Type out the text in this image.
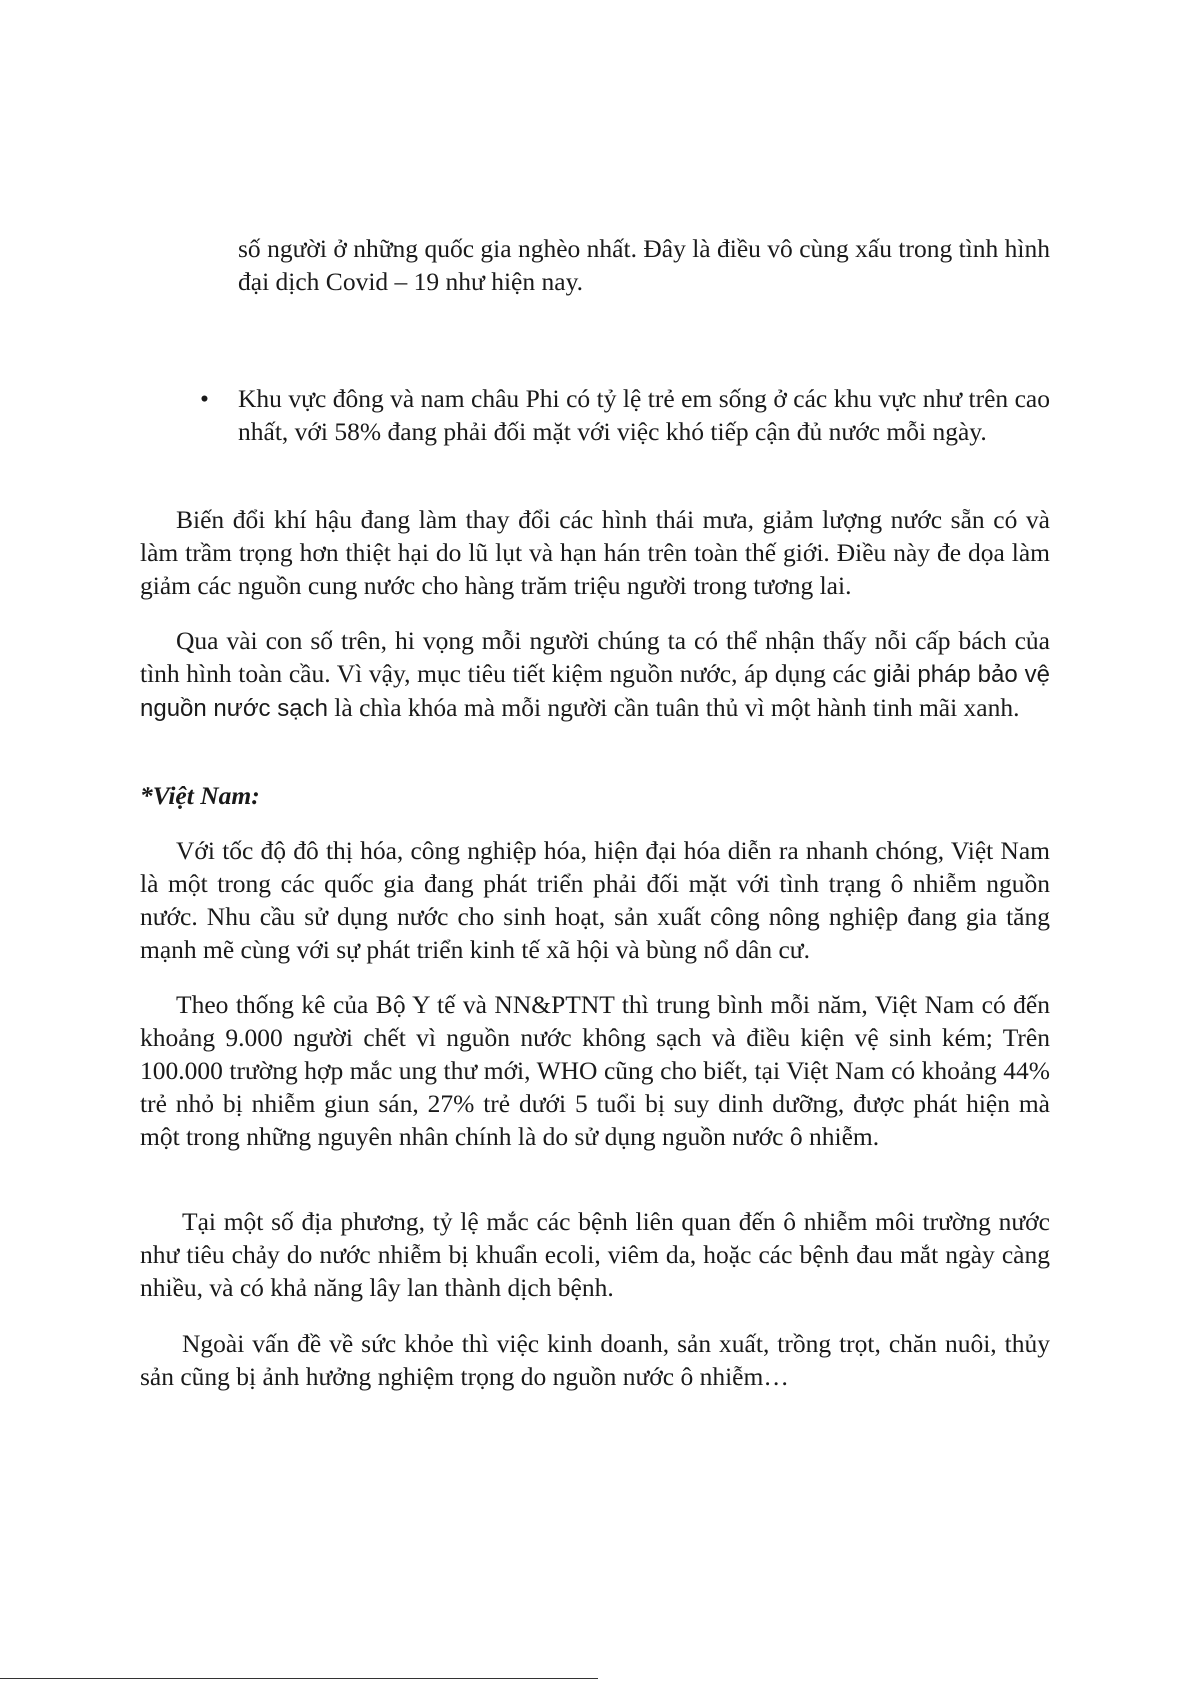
số người ở những quốc gia nghèo nhất. Đây là điều vô cùng xấu trong tình hình đại dịch Covid – 19 như hiện nay.

• Khu vực đông và nam châu Phi có tỷ lệ trẻ em sống ở các khu vực như trên cao nhất, với 58% đang phải đối mặt với việc khó tiếp cận đủ nước mỗi ngày.

Biến đổi khí hậu đang làm thay đổi các hình thái mưa, giảm lượng nước sẵn có và làm trầm trọng hơn thiệt hại do lũ lụt và hạn hán trên toàn thế giới. Điều này đe dọa làm giảm các nguồn cung nước cho hàng trăm triệu người trong tương lai.

Qua vài con số trên, hi vọng mỗi người chúng ta có thể nhận thấy nỗi cấp bách của tình hình toàn cầu. Vì vậy, mục tiêu tiết kiệm nguồn nước, áp dụng các giải pháp bảo vệ nguồn nước sạch là chìa khóa mà mỗi người cần tuân thủ vì một hành tinh mãi xanh.

*Việt Nam:

Với tốc độ đô thị hóa, công nghiệp hóa, hiện đại hóa diễn ra nhanh chóng, Việt Nam là một trong các quốc gia đang phát triển phải đối mặt với tình trạng ô nhiễm nguồn nước. Nhu cầu sử dụng nước cho sinh hoạt, sản xuất công nông nghiệp đang gia tăng mạnh mẽ cùng với sự phát triển kinh tế xã hội và bùng nổ dân cư.

Theo thống kê của Bộ Y tế và NN&PTNT thì trung bình mỗi năm, Việt Nam có đến khoảng 9.000 người chết vì nguồn nước không sạch và điều kiện vệ sinh kém; Trên 100.000 trường hợp mắc ung thư mới, WHO cũng cho biết, tại Việt Nam có khoảng 44% trẻ nhỏ bị nhiễm giun sán, 27% trẻ dưới 5 tuổi bị suy dinh dưỡng, được phát hiện mà một trong những nguyên nhân chính là do sử dụng nguồn nước ô nhiễm.

Tại một số địa phương, tỷ lệ mắc các bệnh liên quan đến ô nhiễm môi trường nước như tiêu chảy do nước nhiễm bị khuẩn ecoli, viêm da, hoặc các bệnh đau mắt ngày càng nhiều, và có khả năng lây lan thành dịch bệnh.

Ngoài vấn đề về sức khỏe thì việc kinh doanh, sản xuất, trồng trọt, chăn nuôi, thủy sản cũng bị ảnh hưởng nghiệm trọng do nguồn nước ô nhiễm…
